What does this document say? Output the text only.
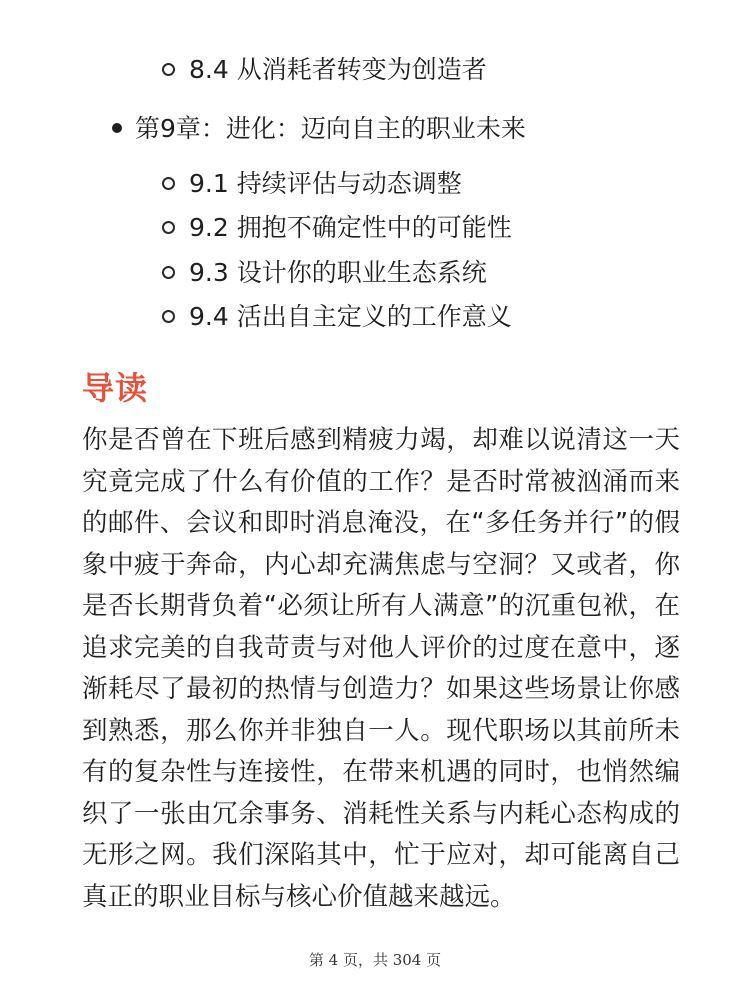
8.4 从消耗者转变为创造者
第9章：进化：迈向自主的职业未来
9.1 持续评估与动态调整
9.2 拥抱不确定性中的可能性
9.3 设计你的职业生态系统
9.4 活出自主定义的工作意义
导读

你是否曾在下班后感到精疲力竭，却难以说清这一天究竟完成了什么有价值的工作？是否时常被汹涌而来的邮件、会议和即时消息淹没，在“多任务并行”的假象中疲于奔命，内心却充满焦虑与空洞？又或者，你是否长期背负着“必须让所有人满意”的沉重包袱，在追求完美的自我苛责与对他人评价的过度在意中，逐渐耗尽了最初的热情与创造力？如果这些场景让你感到熟悉，那么你并非独自一人。现代职场以其前所未有的复杂性与连接性，在带来机遇的同时，也悄然编织了一张由冗余事务、消耗性关系与内耗心态构成的无形之网。我们深陷其中，忙于应对，却可能离自己真正的职业目标与核心价值越来越远。

第 4 页，共 304 页
